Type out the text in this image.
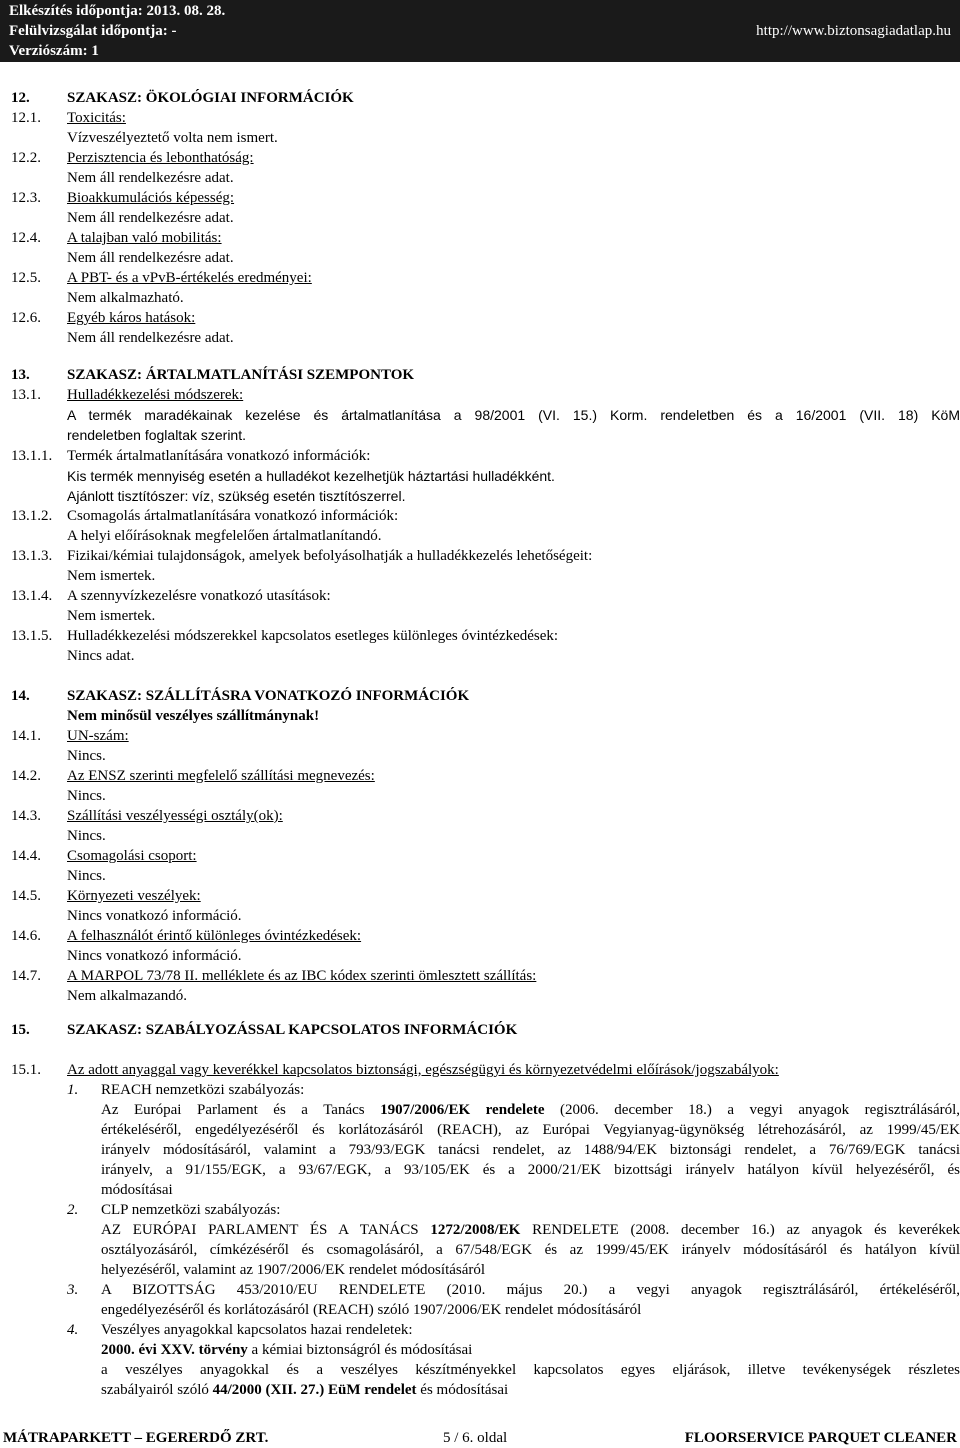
Elkészítés időpontja: 2013. 08. 28.
Felülvizsgálat időpontja: -
Verziószám: 1
http://www.biztonsagiadatlap.hu
12. SZAKASZ: ÖKOLÓGIAI INFORMÁCIÓK
12.1. Toxicitás:
Vízveszélyeztető volta nem ismert.
12.2. Perzisztencia és lebonthatóság:
Nem áll rendelkezésre adat.
12.3. Bioakkumulációs képesség:
Nem áll rendelkezésre adat.
12.4. A talajban való mobilitás:
Nem áll rendelkezésre adat.
12.5. A PBT- és a vPvB-értékelés eredményei:
Nem alkalmazható.
12.6. Egyéb káros hatások:
Nem áll rendelkezésre adat.
13. SZAKASZ: ÁRTALMATLANÍTÁSI SZEMPONTOK
13.1. Hulladékkezelési módszerek:
A termék maradékainak kezelése és ártalmatlanítása a 98/2001 (VI. 15.) Korm. rendeletben és a 16/2001 (VII. 18) KöM
rendeletben foglaltak szerint.
13.1.1. Termék ártalmatlanítására vonatkozó információk:
Kis termék mennyiség esetén a hulladékot kezelhetjük háztartási hulladékként.
Ajánlott tisztítószer: víz, szükség esetén tisztítószerrel.
13.1.2. Csomagolás ártalmatlanítására vonatkozó információk:
A helyi előírásoknak megfelelően ártalmatlanítandó.
13.1.3. Fizikai/kémiai tulajdonságok, amelyek befolyásolhatják a hulladékkezelés lehetőségeit:
Nem ismertek.
13.1.4. A szennyvízkezelésre vonatkozó utasítások:
Nem ismertek.
13.1.5. Hulladékkezelési módszerekkel kapcsolatos esetleges különleges óvintézkedések:
Nincs adat.
14. SZAKASZ: SZÁLLÍTÁSRA VONATKOZÓ INFORMÁCIÓK
Nem minősül veszélyes szállítmánynak!
14.1. UN-szám:
Nincs.
14.2. Az ENSZ szerinti megfelelő szállítási megnevezés:
Nincs.
14.3. Szállítási veszélyességi osztály(ok):
Nincs.
14.4. Csomagolási csoport:
Nincs.
14.5. Környezeti veszélyek:
Nincs vonatkozó információ.
14.6. A felhasználót érintő különleges óvintézkedések:
Nincs vonatkozó információ.
14.7. A MARPOL 73/78 II. melléklete és az IBC kódex szerinti ömlesztett szállítás:
Nem alkalmazandó.
15. SZAKASZ: SZABÁLYOZÁSSAL KAPCSOLATOS INFORMÁCIÓK
15.1. Az adott anyaggal vagy keverékkel kapcsolatos biztonsági, egészségügyi és környezetvédelmi előírások/jogszabályok:
1. REACH nemzetközi szabályozás:
Az Európai Parlament és a Tanács 1907/2006/EK rendelete (2006. december 18.) a vegyi anyagok regisztrálásáról,
értékeléséről, engedélyezéséről és korlátozásáról (REACH), az Európai Vegyianyag-ügynökség létrehozásáról, az 1999/45/EK
irányelv módosításáról, valamint a 793/93/EGK tanácsi rendelet, az 1488/94/EK biztonsági rendelet, a 76/769/EGK tanácsi
irányelv, a 91/155/EGK, a 93/67/EGK, a 93/105/EK és a 2000/21/EK bizottsági irányelv hatályon kívül helyezéséről, és
módosításai
2. CLP nemzetközi szabályozás:
AZ EURÓPAI PARLAMENT ÉS A TANÁCS 1272/2008/EK RENDELETE (2008. december 16.) az anyagok és keverékek
osztályozásáról, címkézéséről és csomagolásáról, a 67/548/EGK és az 1999/45/EK irányelv módosításáról és hatályon kívül
helyezéséről, valamint az 1907/2006/EK rendelet módosításáról
3. A BIZOTTSÁG 453/2010/EU RENDELETE (2010. május 20.) a vegyi anyagok regisztrálásáról, értékeléséről,
engedélyezéséről és korlátozásáról (REACH) szóló 1907/2006/EK rendelet módosításáról
4. Veszélyes anyagokkal kapcsolatos hazai rendeletek:
2000. évi XXV. törvény a kémiai biztonságról és módosításai
a veszélyes anyagokkal és a veszélyes készítményekkel kapcsolatos egyes eljárások, illetve tevékenységek részletes
szabályairól szóló 44/2000 (XII. 27.) EüM rendelet és módosításai
MÁTRAPARKETT – EGERERDŐ ZRT.	5 / 6. oldal	FLOORSERVICE PARQUET CLEANER
